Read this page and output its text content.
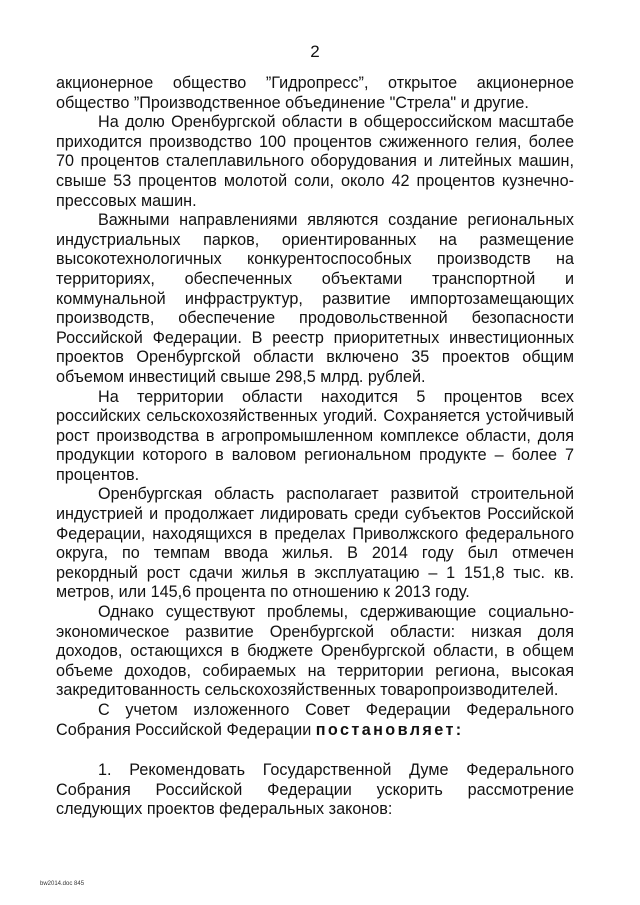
2

акционерное общество ”Гидропресс”, открытое акционерное общество ”Производственное объединение "Стрела" и другие.

На долю Оренбургской области в общероссийском масштабе приходится производство 100 процентов сжиженного гелия, более 70 процентов сталеплавильного оборудования и литейных машин, свыше 53 процентов молотой соли, около 42 процентов кузнечно-прессовых машин.

Важными направлениями являются создание региональных индустриальных парков, ориентированных на размещение высокотехнологичных конкурентоспособных производств на территориях, обеспеченных объектами транспортной и коммунальной инфраструктур, развитие импортозамещающих производств, обеспечение продовольственной безопасности Российской Федерации. В реестр приоритетных инвестиционных проектов Оренбургской области включено 35 проектов общим объемом инвестиций свыше 298,5 млрд. рублей.

На территории области находится 5 процентов всех российских сельскохозяйственных угодий. Сохраняется устойчивый рост производства в агропромышленном комплексе области, доля продукции которого в валовом региональном продукте – более 7 процентов.

Оренбургская область располагает развитой строительной индустрией и продолжает лидировать среди субъектов Российской Федерации, находящихся в пределах Приволжского федерального округа, по темпам ввода жилья. В 2014 году был отмечен рекордный рост сдачи жилья в эксплуатацию – 1 151,8 тыс. кв. метров, или 145,6 процента по отношению к 2013 году.

Однако существуют проблемы, сдерживающие социально-экономическое развитие Оренбургской области: низкая доля доходов, остающихся в бюджете Оренбургской области, в общем объеме доходов, собираемых на территории региона, высокая закредитованность сельскохозяйственных товаропроизводителей.

С учетом изложенного Совет Федерации Федерального Собрания Российской Федерации постановляет:

1. Рекомендовать Государственной Думе Федерального Собрания Российской Федерации ускорить рассмотрение следующих проектов федеральных законов:

bw2014.doc 845
